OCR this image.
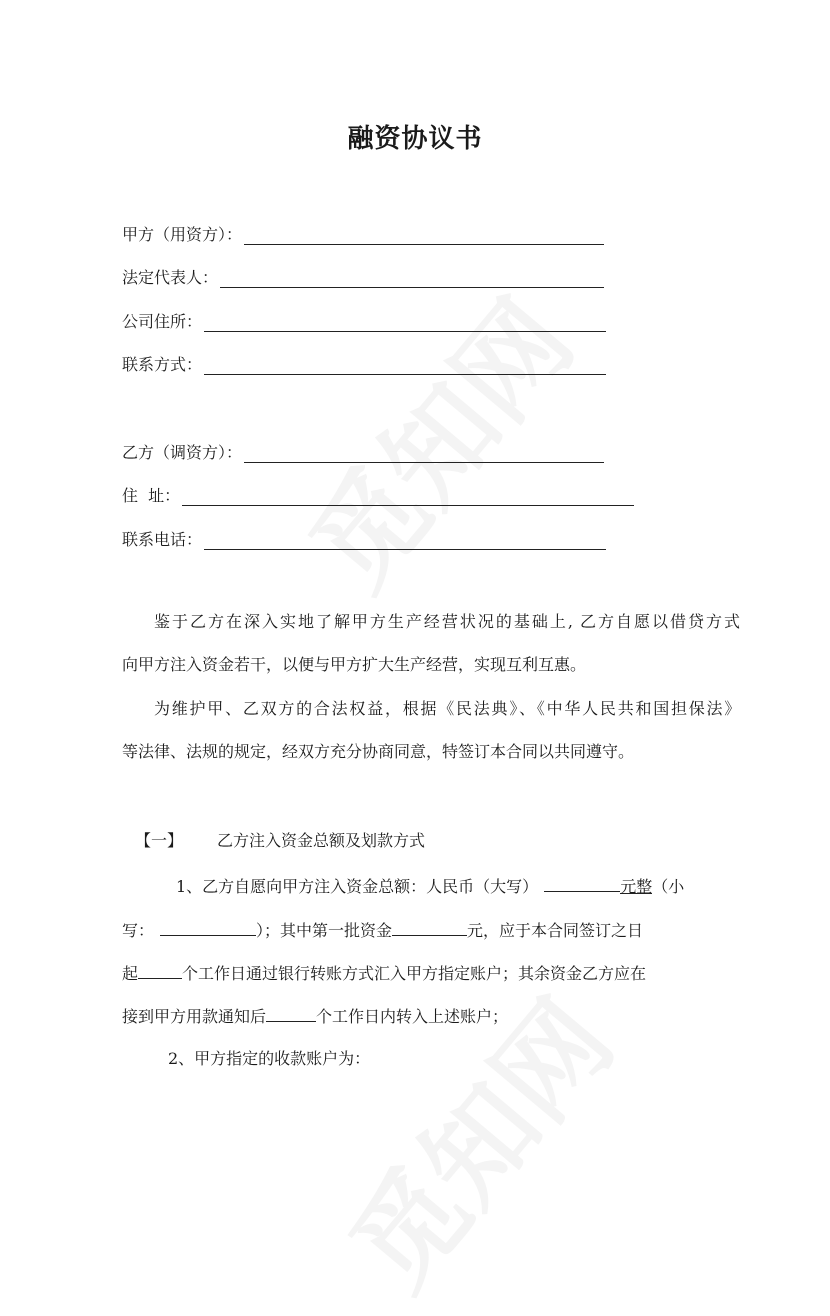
融资协议书
甲方（用资方）：
法定代表人：
公司住所：
联系方式：
乙方（调资方）：
住  址：
联系电话：
鉴于乙方在深入实地了解甲方生产经营状况的基础上, 乙方自愿以借贷方式
向甲方注入资金若干，以便与甲方扩大生产经营，实现互利互惠。
为维护甲、乙双方的合法权益，根据《民法典》、《中华人民共和国担保法》
等法律、法规的规定，经双方充分协商同意，特签订本合同以共同遵守。
【一】 乙方注入资金总额及划款方式
1、乙方自愿向甲方注入资金总额：人民币（大写）	元整（小
写：	）；其中第一批资金	元，应于本合同签订之日
起	个工作日通过银行转账方式汇入甲方指定账户；其余资金乙方应在
接到甲方用款通知后	个工作日内转入上述账户；
2、甲方指定的收款账户为：
